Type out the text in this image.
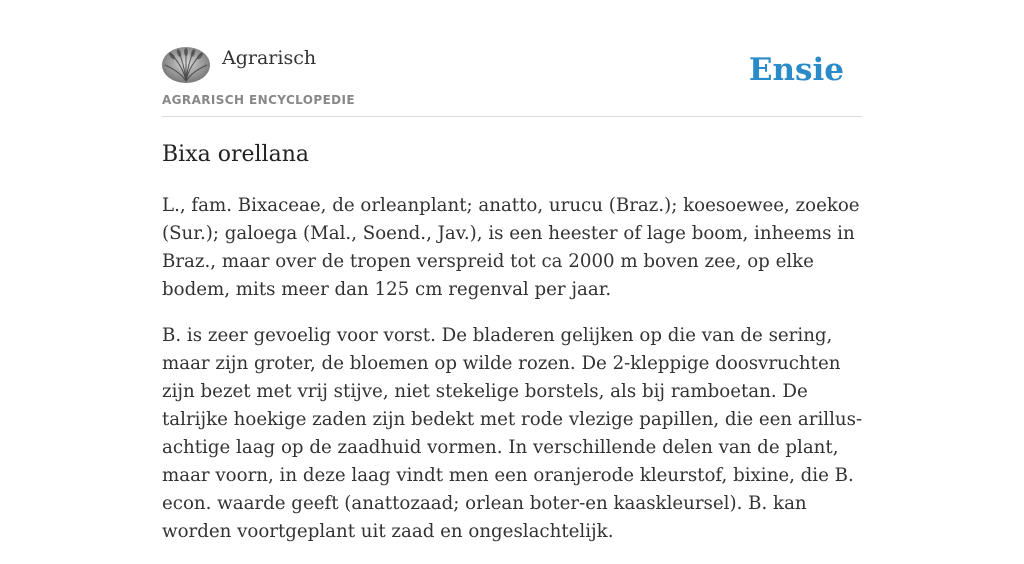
Agrarisch
AGRARISCH ENCYCLOPEDIE
Ensie
Bixa orellana

L., fam. Bixaceae, de orleanplant; anatto, urucu (Braz.); koesoewee, zoekoe (Sur.); galoega (Mal., Soend., Jav.), is een heester of lage boom, inheems in Braz., maar over de tropen verspreid tot ca 2000 m boven zee, op elke bodem, mits meer dan 125 cm regenval per jaar.

B. is zeer gevoelig voor vorst. De bladeren gelijken op die van de sering, maar zijn groter, de bloemen op wilde rozen. De 2-kleppige doosvruchten zijn bezet met vrij stijve, niet stekelige borstels, als bij ramboetan. De talrijke hoekige zaden zijn bedekt met rode vlezige papillen, die een arillus-achtige laag op de zaadhuid vormen. In verschillende delen van de plant, maar voorn, in deze laag vindt men een oranjerode kleurstof, bixine, die B. econ. waarde geeft (anattozaad; orlean boter-en kaaskleursel). B. kan worden voortgeplant uit zaad en ongeslachtelijk.
